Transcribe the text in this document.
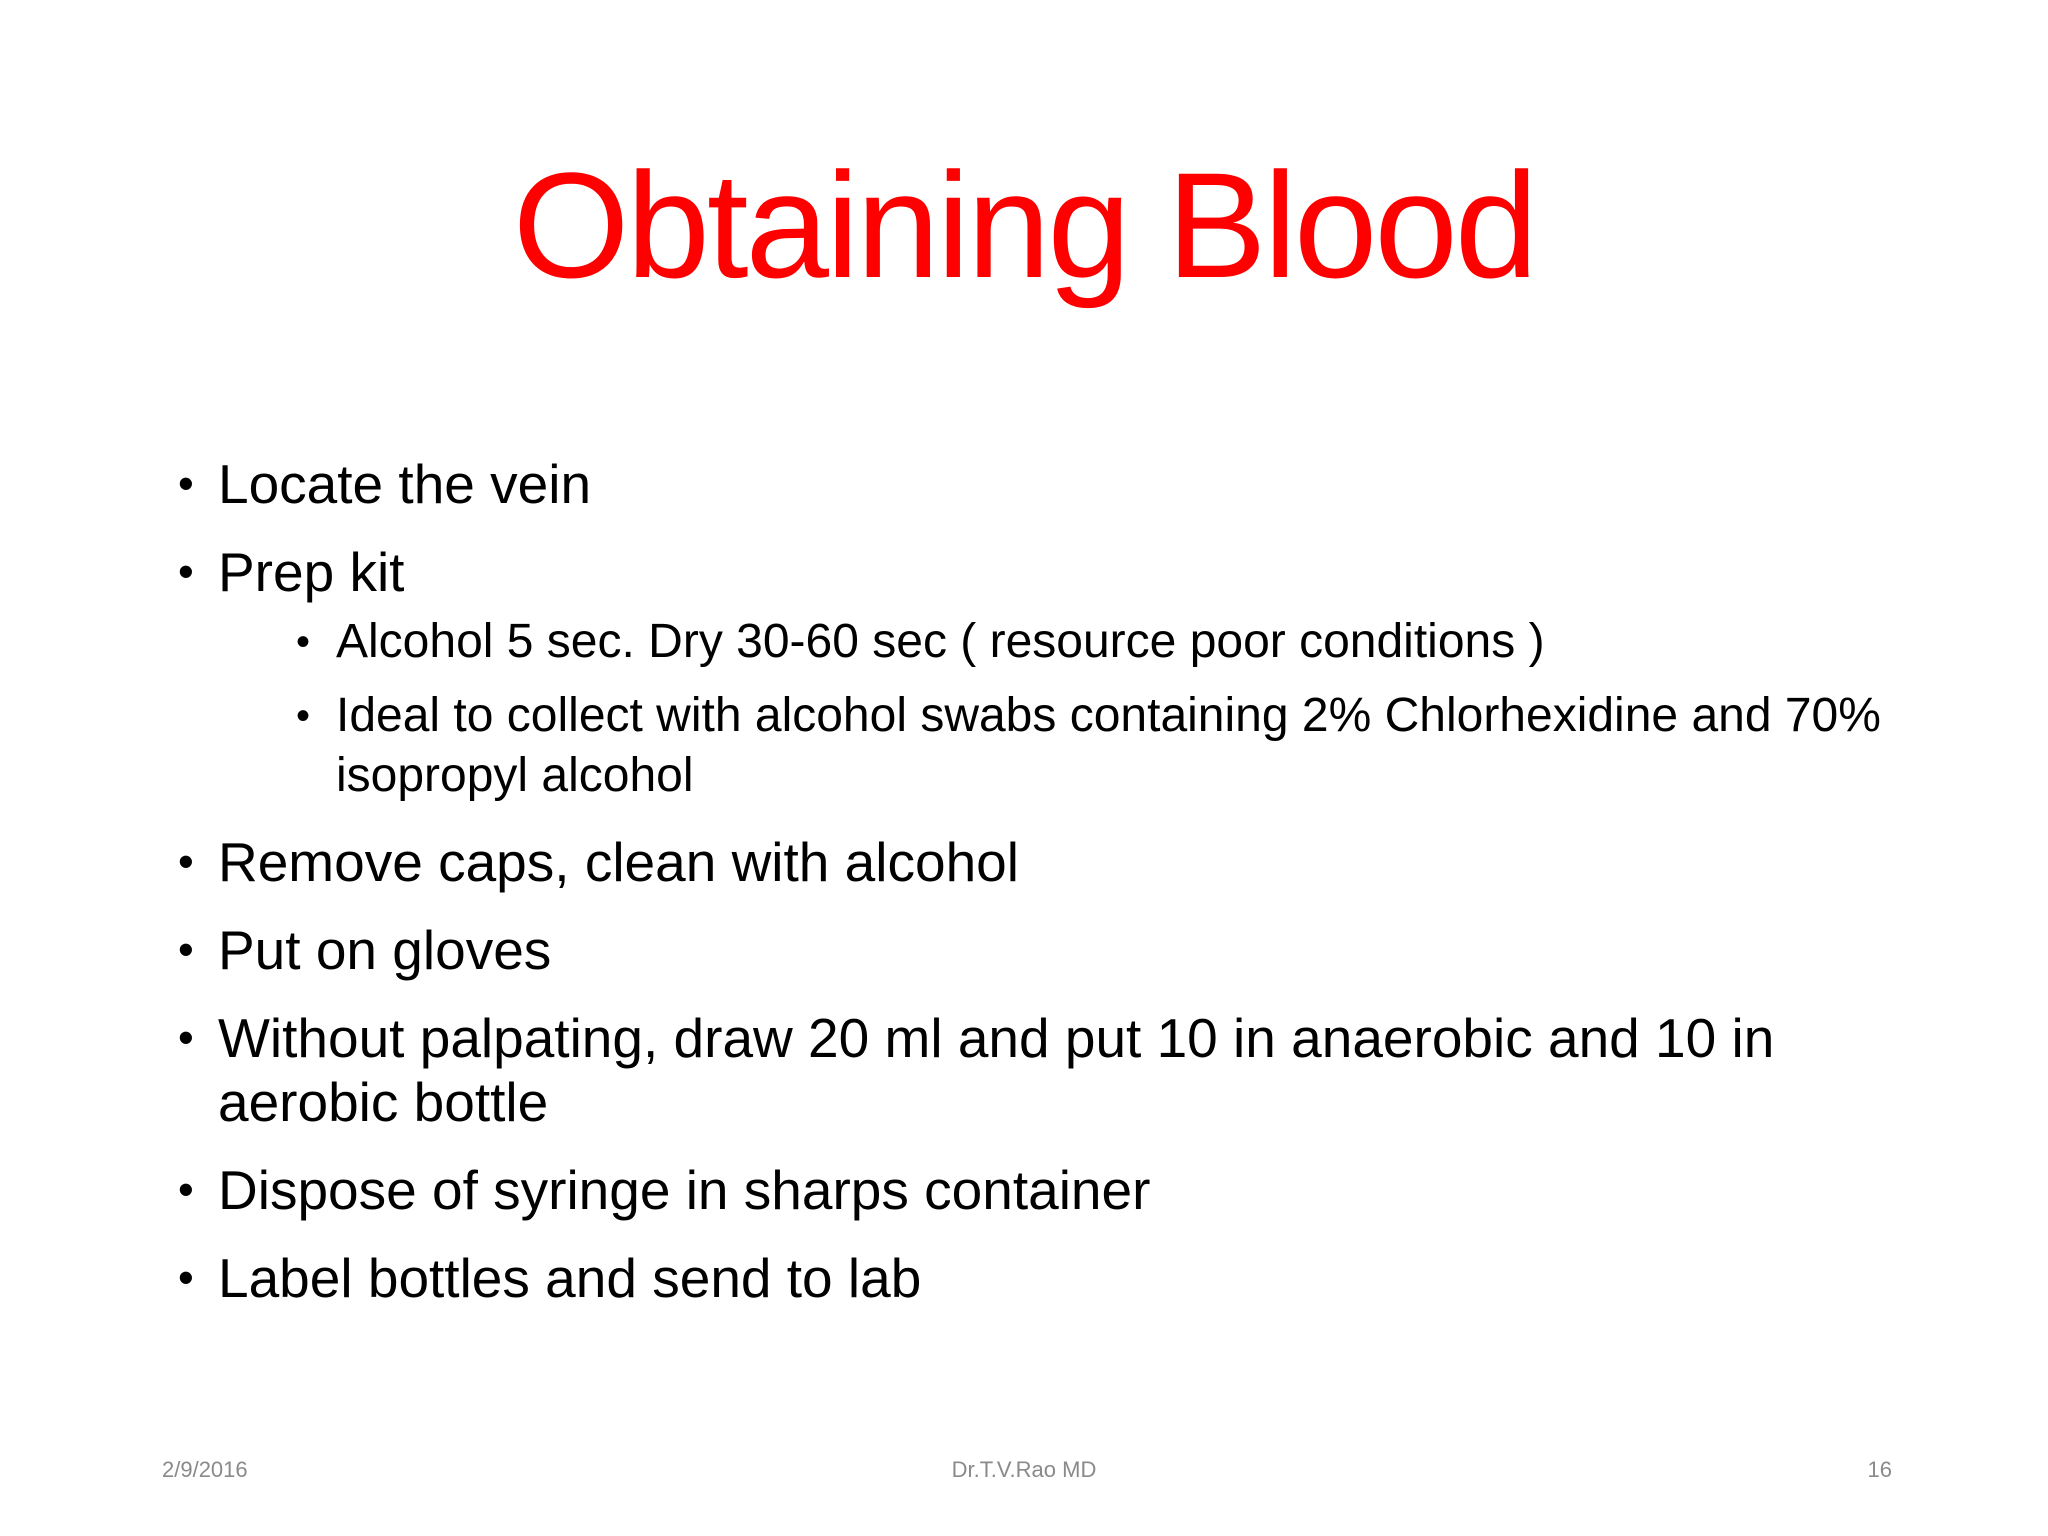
Obtaining Blood
• Locate the vein
• Prep kit
• Alcohol 5 sec. Dry 30-60 sec ( resource poor conditions )
• Ideal to collect with alcohol swabs containing 2% Chlorhexidine and 70% isopropyl alcohol
• Remove caps, clean with alcohol
• Put on gloves
• Without palpating, draw 20 ml and put 10 in anaerobic and 10 in aerobic bottle
• Dispose of syringe in sharps container
• Label bottles and send to lab
2/9/2016	Dr.T.V.Rao MD	16
